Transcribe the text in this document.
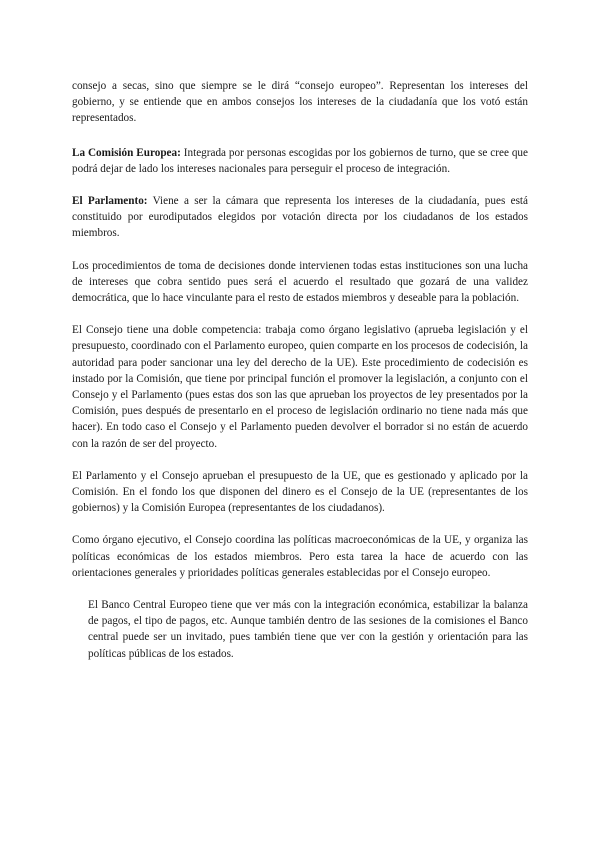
consejo a secas, sino que siempre se le dirá “consejo europeo”. Representan los intereses del gobierno, y se entiende que en ambos consejos los intereses de la ciudadanía que los votó están representados.

La Comisión Europea: Integrada por personas escogidas por los gobiernos de turno, que se cree que podrá dejar de lado los intereses nacionales para perseguir el proceso de integración.

El Parlamento: Viene a ser la cámara que representa los intereses de la ciudadanía, pues está constituido por eurodiputados elegidos por votación directa por los ciudadanos de los estados miembros.

Los procedimientos de toma de decisiones donde intervienen todas estas instituciones son una lucha de intereses que cobra sentido pues será el acuerdo el resultado que gozará de una validez democrática, que lo hace vinculante para el resto de estados miembros y deseable para la población.

El Consejo tiene una doble competencia: trabaja como órgano legislativo (aprueba legislación y el presupuesto, coordinado con el Parlamento europeo, quien comparte en los procesos de codecisión, la autoridad para poder sancionar una ley del derecho de la UE). Este procedimiento de codecisión es instado por la Comisión, que tiene por principal función el promover la legislación, a conjunto con el Consejo y el Parlamento (pues estas dos son las que aprueban los proyectos de ley presentados por la Comisión, pues después de presentarlo en el proceso de legislación ordinario no tiene nada más que hacer). En todo caso el Consejo y el Parlamento pueden devolver el borrador si no están de acuerdo con la razón de ser del proyecto.

El Parlamento y el Consejo aprueban el presupuesto de la UE, que es gestionado y aplicado por la Comisión. En el fondo los que disponen del dinero es el Consejo de la UE (representantes de los gobiernos) y la Comisión Europea (representantes de los ciudadanos).

Como órgano ejecutivo, el Consejo coordina las políticas macroeconómicas de la UE, y organiza las políticas económicas de los estados miembros. Pero esta tarea la hace de acuerdo con las orientaciones generales y prioridades políticas generales establecidas por el Consejo europeo.

El Banco Central Europeo tiene que ver más con la integración económica, estabilizar la balanza de pagos, el tipo de pagos, etc. Aunque también dentro de las sesiones de la comisiones el Banco central puede ser un invitado, pues también tiene que ver con la gestión y orientación para las políticas públicas de los estados.
